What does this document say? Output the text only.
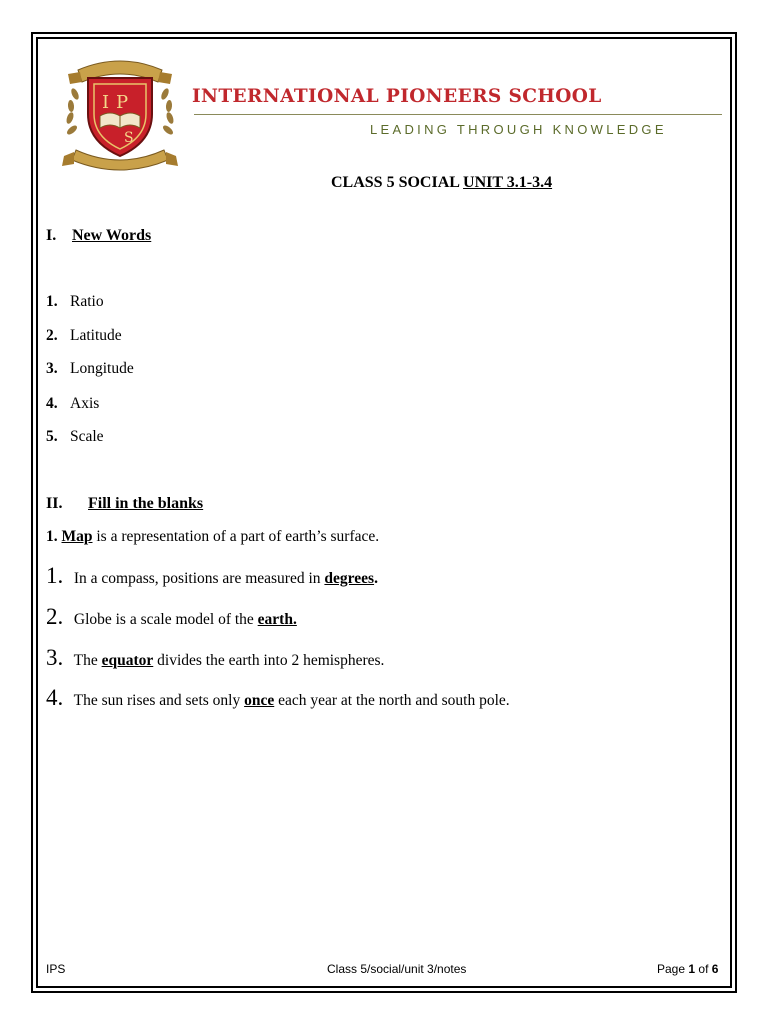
I P
S
INTERNATIONAL PIONEERS SCHOOL
LEADING THROUGH KNOWLEDGE
CLASS 5 SOCIAL UNIT 3.1-3.4
I. New Words
1. Ratio
2. Latitude
3. Longitude
4. Axis
5. Scale
II. Fill in the blanks
1. Map is a representation of a part of earth’s surface.
1. In a compass, positions are measured in degrees.
2. Globe is a scale model of the earth.
3. The equator divides the earth into 2 hemispheres.
4. The sun rises and sets only once each year at the north and south pole.
IPS	Class 5/social/unit 3/notes	Page 1 of 6
